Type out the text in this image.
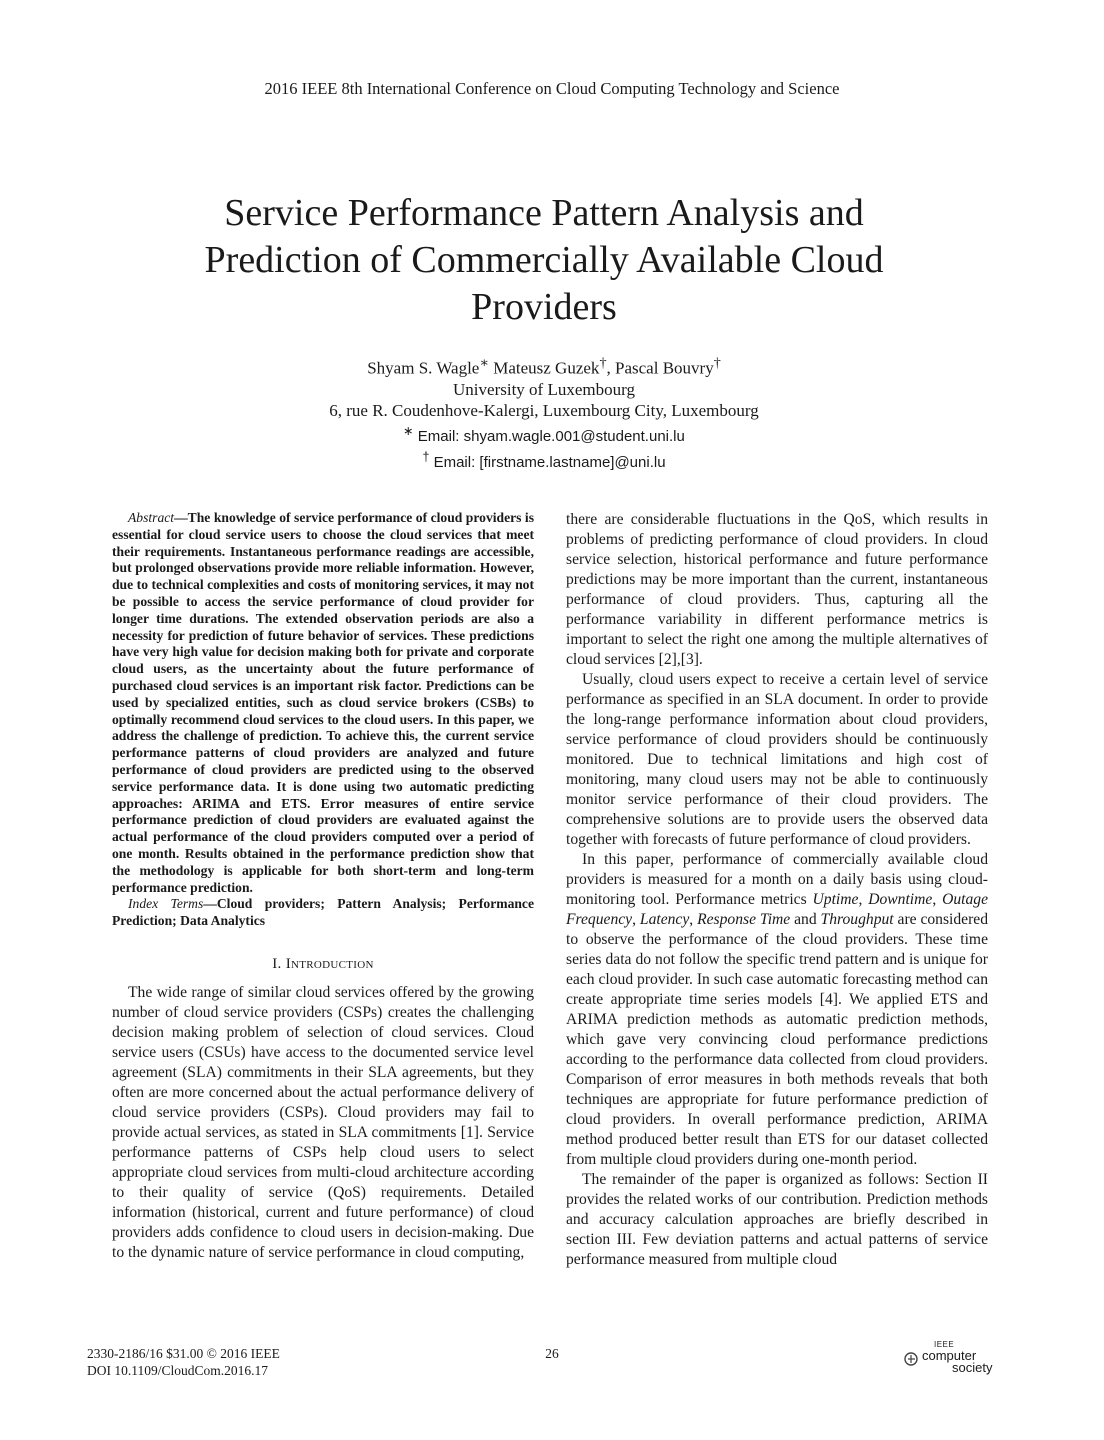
2016 IEEE 8th International Conference on Cloud Computing Technology and Science
Service Performance Pattern Analysis and
Prediction of Commercially Available Cloud
Providers
Shyam S. Wagle∗ Mateusz Guzek†, Pascal Bouvry†
University of Luxembourg
6, rue R. Coudenhove-Kalergi, Luxembourg City, Luxembourg
∗ Email: shyam.wagle.001@student.uni.lu
† Email: [firstname.lastname]@uni.lu

Abstract—The knowledge of service performance of cloud providers is essential for cloud service users to choose the cloud services that meet their requirements. Instantaneous performance readings are accessible, but prolonged observations provide more reliable information. However, due to technical complexities and costs of monitoring services, it may not be possible to access the service performance of cloud provider for longer time durations. The extended observation periods are also a necessity for prediction of future behavior of services. These predictions have very high value for decision making both for private and corporate cloud users, as the uncertainty about the future performance of purchased cloud services is an important risk factor. Predictions can be used by specialized entities, such as cloud service brokers (CSBs) to optimally recommend cloud services to the cloud users. In this paper, we address the challenge of prediction. To achieve this, the current service performance patterns of cloud providers are analyzed and future performance of cloud providers are predicted using to the observed service performance data. It is done using two automatic predicting approaches: ARIMA and ETS. Error measures of entire service performance prediction of cloud providers are evaluated against the actual performance of the cloud providers computed over a period of one month. Results obtained in the performance prediction show that the methodology is applicable for both short-term and long-term performance prediction.

Index Terms—Cloud providers; Pattern Analysis; Performance Prediction; Data Analytics

I. Introduction

The wide range of similar cloud services offered by the growing number of cloud service providers (CSPs) creates the challenging decision making problem of selection of cloud services. Cloud service users (CSUs) have access to the documented service level agreement (SLA) commitments in their SLA agreements, but they often are more concerned about the actual performance delivery of cloud service providers (CSPs). Cloud providers may fail to provide actual services, as stated in SLA commitments [1]. Service performance patterns of CSPs help cloud users to select appropriate cloud services from multi-cloud architecture according to their quality of service (QoS) requirements. Detailed information (historical, current and future performance) of cloud providers adds confidence to cloud users in decision-making. Due to the dynamic nature of service performance in cloud computing,

there are considerable fluctuations in the QoS, which results in problems of predicting performance of cloud providers. In cloud service selection, historical performance and future performance predictions may be more important than the current, instantaneous performance of cloud providers. Thus, capturing all the performance variability in different performance metrics is important to select the right one among the multiple alternatives of cloud services [2],[3].

Usually, cloud users expect to receive a certain level of service performance as specified in an SLA document. In order to provide the long-range performance information about cloud providers, service performance of cloud providers should be continuously monitored. Due to technical limitations and high cost of monitoring, many cloud users may not be able to continuously monitor service performance of their cloud providers. The comprehensive solutions are to provide users the observed data together with forecasts of future performance of cloud providers.

In this paper, performance of commercially available cloud providers is measured for a month on a daily basis using cloud-monitoring tool. Performance metrics Uptime, Downtime, Outage Frequency, Latency, Response Time and Throughput are considered to observe the performance of the cloud providers. These time series data do not follow the specific trend pattern and is unique for each cloud provider. In such case automatic forecasting method can create appropriate time series models [4]. We applied ETS and ARIMA prediction methods as automatic prediction methods, which gave very convincing cloud performance predictions according to the performance data collected from cloud providers. Comparison of error measures in both methods reveals that both techniques are appropriate for future performance prediction of cloud providers. In overall performance prediction, ARIMA method produced better result than ETS for our dataset collected from multiple cloud providers during one-month period.

The remainder of the paper is organized as follows: Section II provides the related works of our contribution. Prediction methods and accuracy calculation approaches are briefly described in section III. Few deviation patterns and actual patterns of service performance measured from multiple cloud

2330-2186/16 $31.00 © 2016 IEEE
DOI 10.1109/CloudCom.2016.17
26
IEEE
computer
society
